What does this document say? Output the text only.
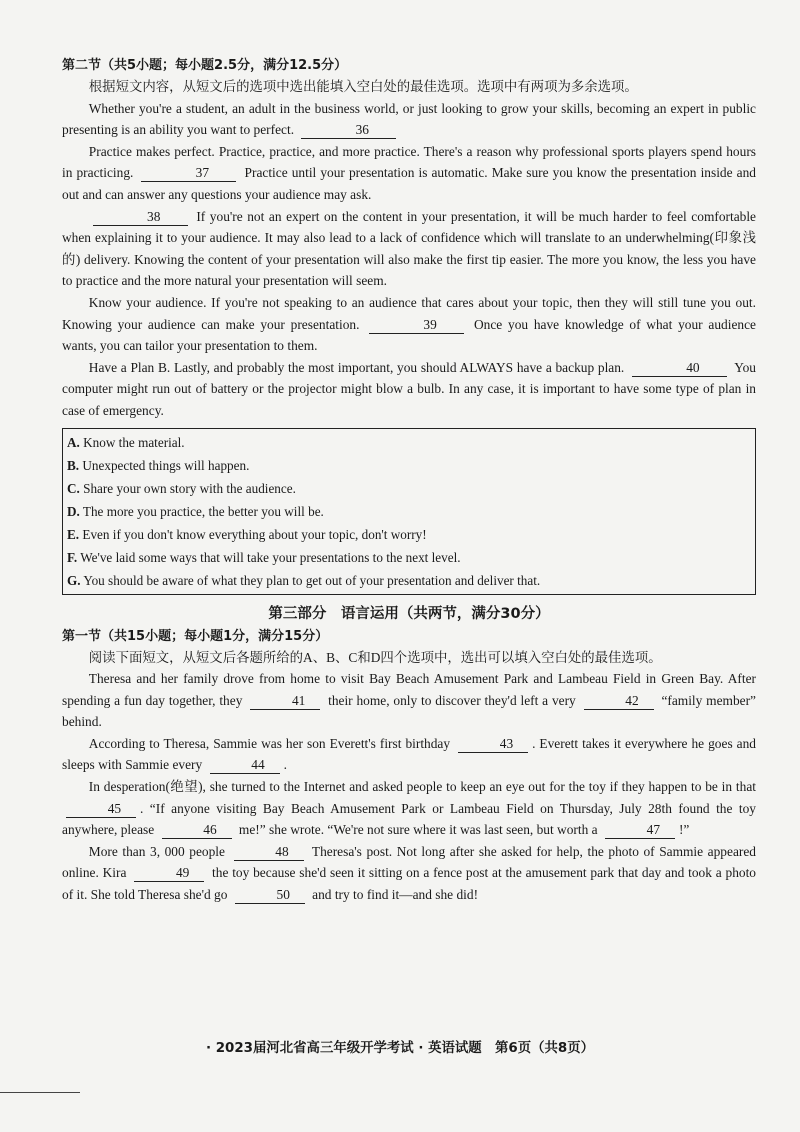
第二节（共5小题；每小题2.5分，满分12.5分）

根据短文内容，从短文后的选项中选出能填入空白处的最佳选项。选项中有两项为多余选项。

Whether you're a student, an adult in the business world, or just looking to grow your skills, becoming an expert in public presenting is an ability you want to perfect.	36

Practice makes perfect. Practice, practice, and more practice. There's a reason why professional sports players spend hours in practicing.	37	Practice until your presentation is automatic. Make sure you know the presentation inside and out and can answer any questions your audience may ask.

38	If you're not an expert on the content in your presentation, it will be much harder to feel comfortable when explaining it to your audience. It may also lead to a lack of confidence which will translate to an underwhelming(印象浅的) delivery. Knowing the content of your presentation will also make the first tip easier. The more you know, the less you have to practice and the more natural your presentation will seem.

Know your audience. If you're not speaking to an audience that cares about your topic, then they will still tune you out. Knowing your audience can make your presentation.	39	Once you have knowledge of what your audience wants, you can tailor your presentation to them.

Have a Plan B. Lastly, and probably the most important, you should ALWAYS have a backup plan.	40	You computer might run out of battery or the projector might blow a bulb. In any case, it is important to have some type of plan in case of emergency.

A. Know the material.
B. Unexpected things will happen.
C. Share your own story with the audience.
D. The more you practice, the better you will be.
E. Even if you don't know everything about your topic, don't worry!
F. We've laid some ways that will take your presentations to the next level.
G. You should be aware of what they plan to get out of your presentation and deliver that.
第三部分　语言运用（共两节，满分30分）
第一节（共15小题；每小题1分，满分15分）

阅读下面短文，从短文后各题所给的A、B、C和D四个选项中，选出可以填入空白处的最佳选项。

Theresa and her family drove from home to visit Bay Beach Amusement Park and Lambeau Field in Green Bay. After spending a fun day together, they	41 their home, only to discover they'd left a very	42 “family member” behind.

According to Theresa, Sammie was her son Everett's first birthday	43 . Everett takes it everywhere he goes and sleeps with Sammie every	44 .

In desperation(绝望), she turned to the Internet and asked people to keep an eye out for the toy if they happen to be in that 45 . “If anyone visiting Bay Beach Amusement Park or Lambeau Field on Thursday, July 28th found the toy anywhere, please	46 me!” she wrote. “We're not sure where it was last seen, but worth a	47 !”

More than 3, 000 people	48 Theresa's post. Not long after she asked for help, the photo of Sammie appeared online. Kira	49 the toy because she'd seen it sitting on a fence post at the amusement park that day and took a photo of it. She told Theresa she'd go	50 and try to find it—and she did!

· 2023届河北省高三年级开学考试 · 英语试题　第6页（共8页）
